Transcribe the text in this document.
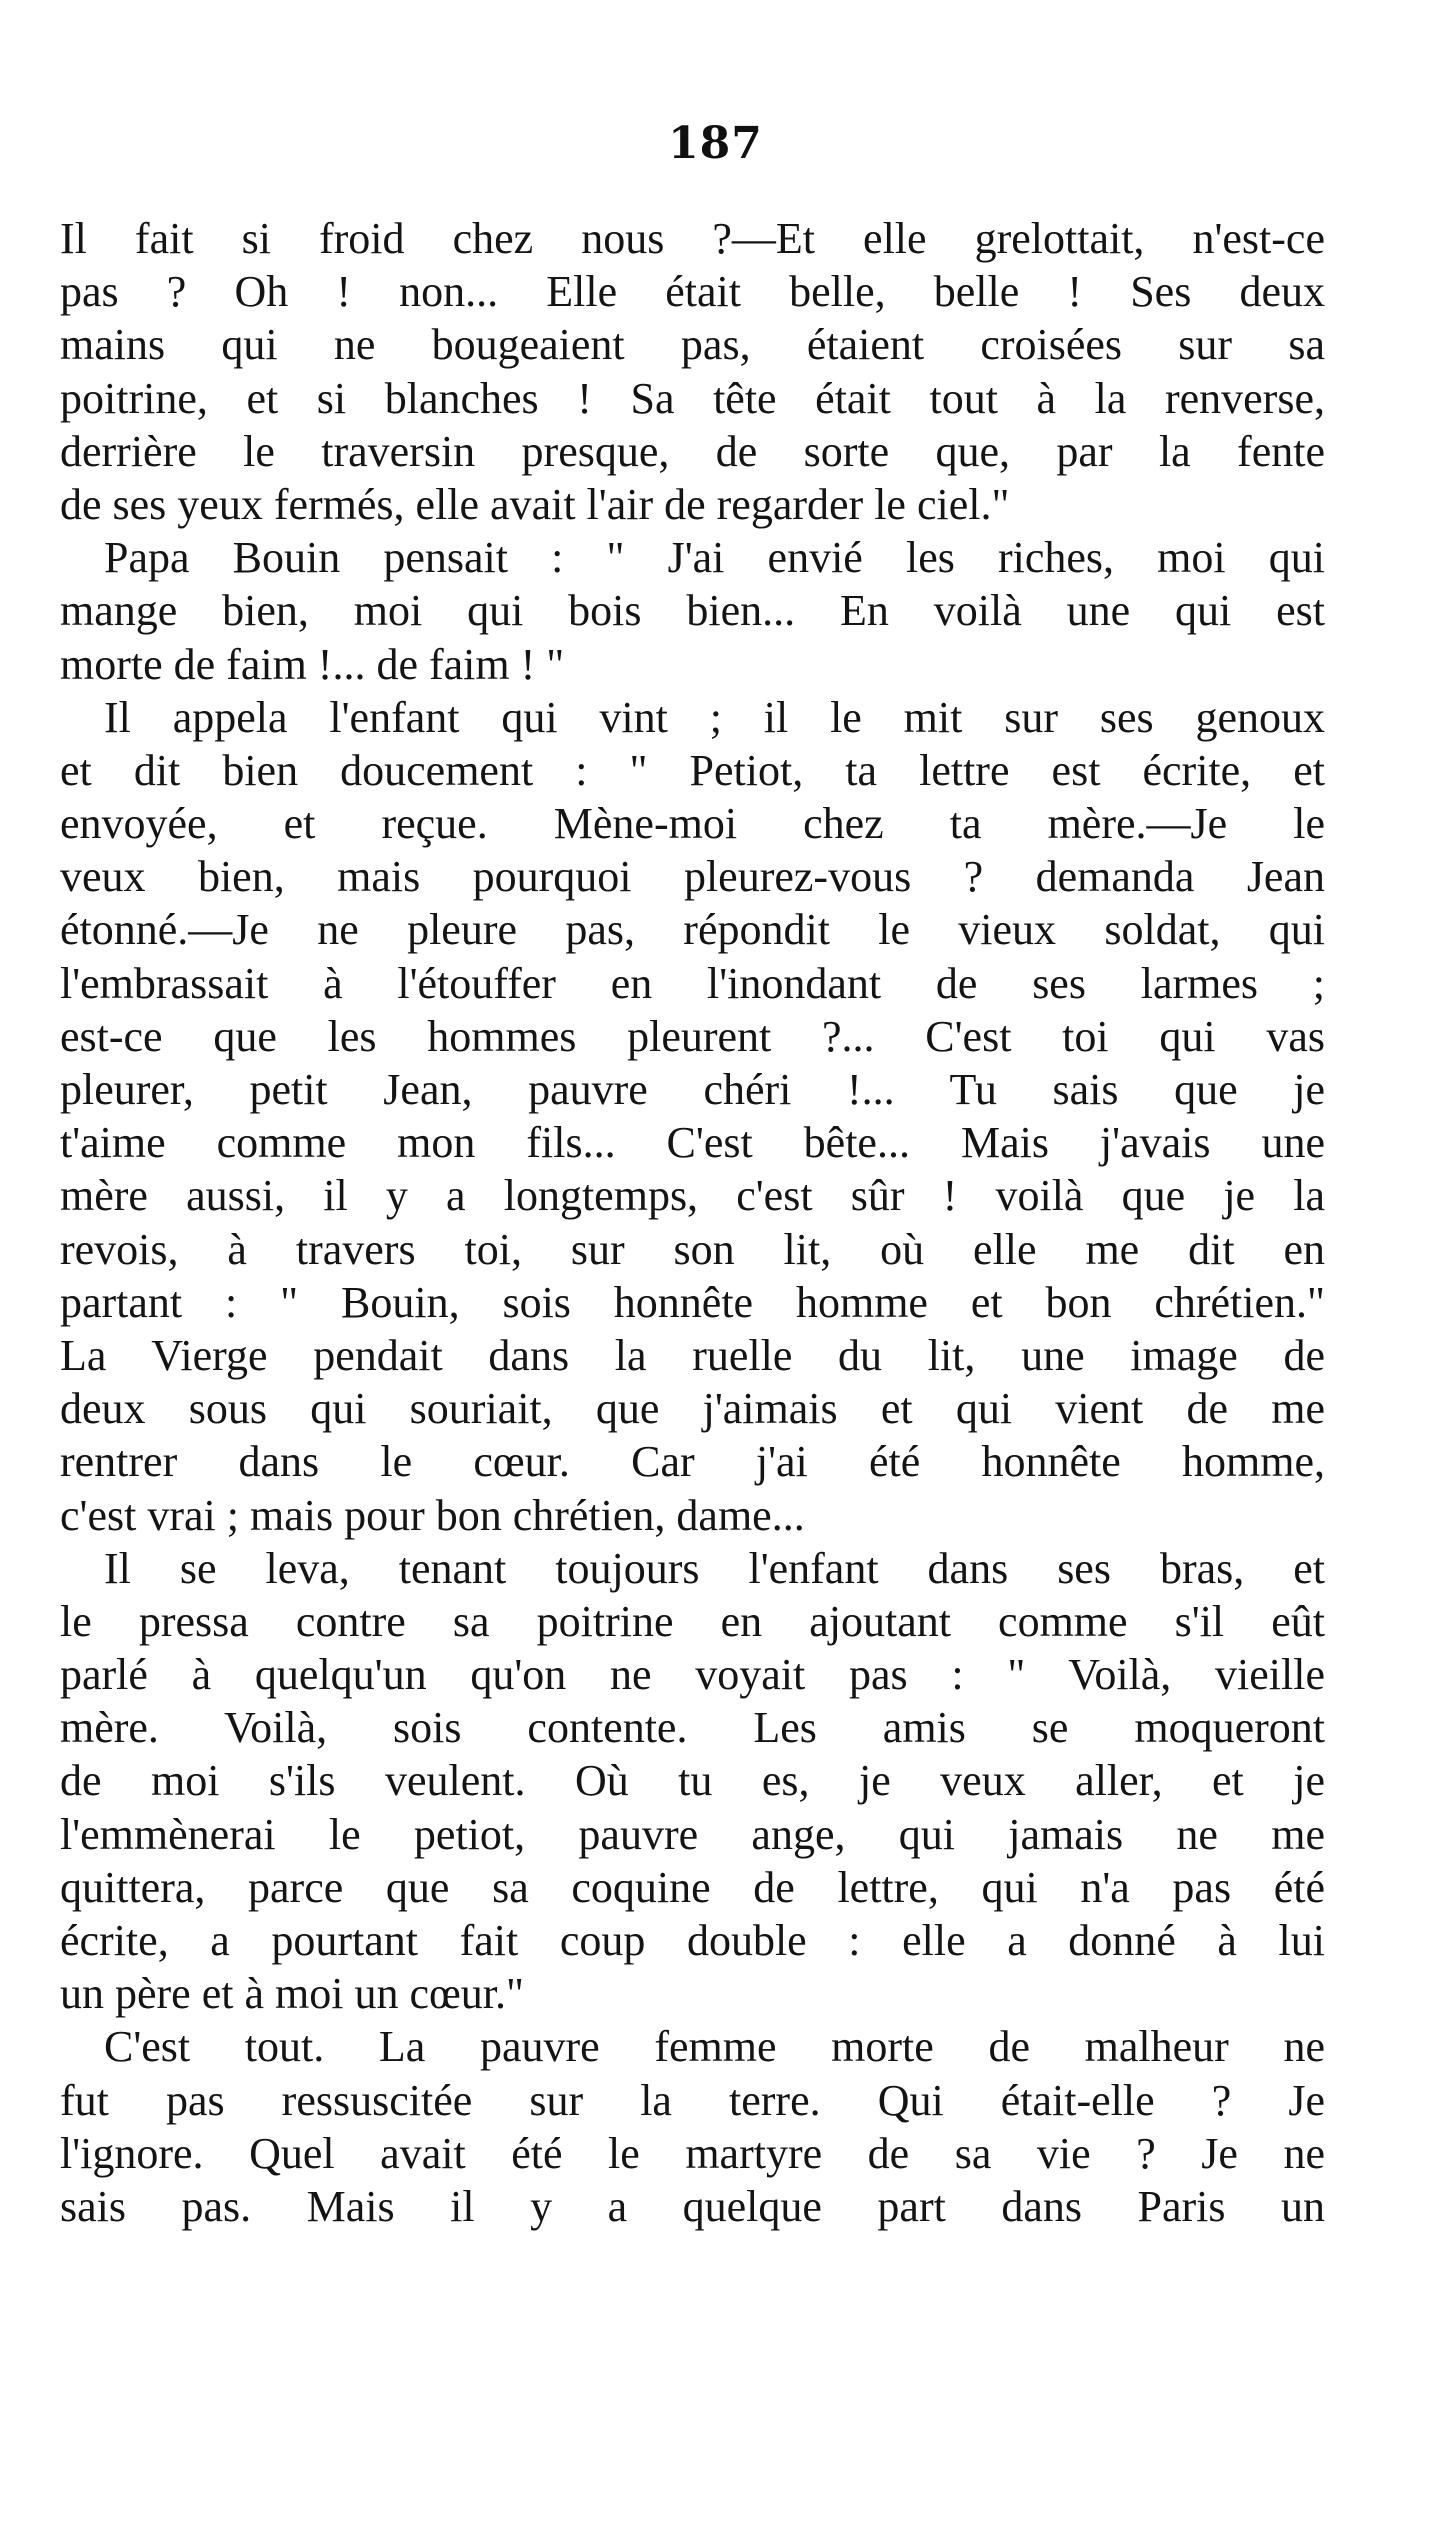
187
Il fait si froid chez nous ?—Et elle grelottait, n'est-ce
pas ? Oh ! non... Elle était belle, belle ! Ses deux
mains qui ne bougeaient pas, étaient croisées sur sa
poitrine, et si blanches ! Sa tête était tout à la renverse,
derrière le traversin presque, de sorte que, par la fente
de ses yeux fermés, elle avait l'air de regarder le ciel."
Papa Bouin pensait : " J'ai envié les riches, moi qui
mange bien, moi qui bois bien... En voilà une qui est
morte de faim !... de faim ! "
Il appela l'enfant qui vint ; il le mit sur ses genoux
et dit bien doucement : " Petiot, ta lettre est écrite, et
envoyée, et reçue. Mène-moi chez ta mère.—Je le
veux bien, mais pourquoi pleurez-vous ? demanda Jean
étonné.—Je ne pleure pas, répondit le vieux soldat, qui
l'embrassait à l'étouffer en l'inondant de ses larmes ;
est-ce que les hommes pleurent ?... C'est toi qui vas
pleurer, petit Jean, pauvre chéri !... Tu sais que je
t'aime comme mon fils... C'est bête... Mais j'avais une
mère aussi, il y a longtemps, c'est sûr ! voilà que je la
revois, à travers toi, sur son lit, où elle me dit en
partant : " Bouin, sois honnête homme et bon chrétien."
La Vierge pendait dans la ruelle du lit, une image de
deux sous qui souriait, que j'aimais et qui vient de me
rentrer dans le cœur. Car j'ai été honnête homme,
c'est vrai ; mais pour bon chrétien, dame...
Il se leva, tenant toujours l'enfant dans ses bras, et
le pressa contre sa poitrine en ajoutant comme s'il eût
parlé à quelqu'un qu'on ne voyait pas : " Voilà, vieille
mère. Voilà, sois contente. Les amis se moqueront
de moi s'ils veulent. Où tu es, je veux aller, et je
l'emmènerai le petiot, pauvre ange, qui jamais ne me
quittera, parce que sa coquine de lettre, qui n'a pas été
écrite, a pourtant fait coup double : elle a donné à lui
un père et à moi un cœur."
C'est tout. La pauvre femme morte de malheur ne
fut pas ressuscitée sur la terre. Qui était-elle ? Je
l'ignore. Quel avait été le martyre de sa vie ? Je ne
sais pas. Mais il y a quelque part dans Paris un
